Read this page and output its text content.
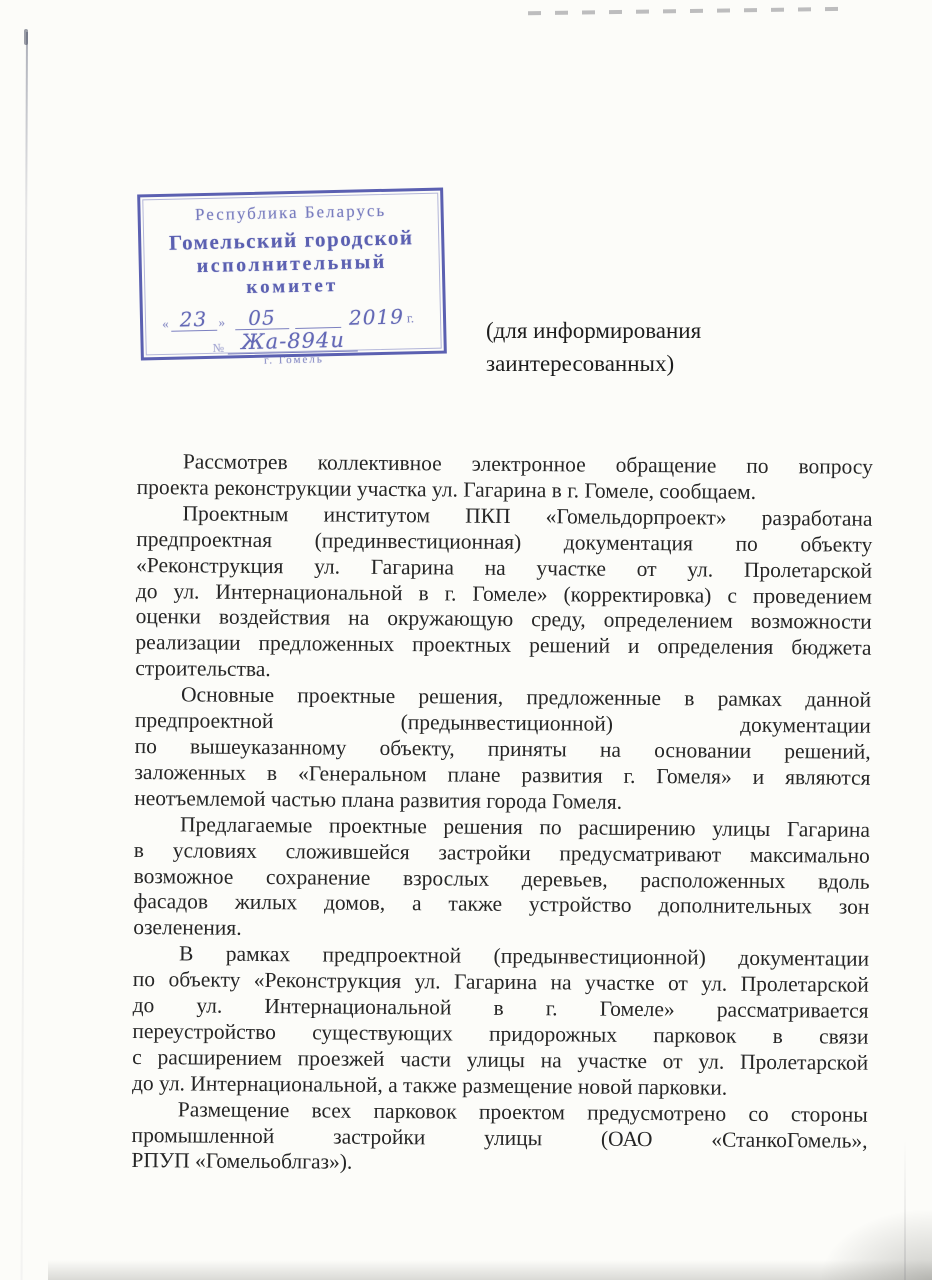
Республика Беларусь
Гомельский городской
исполнительный
комитет
« 23 »	05	2019 г.
№ Жа-894и
г. Гомель
(для информирования
заинтересованных)
Рассмотрев коллективное электронное обращение по вопросу
проекта реконструкции участка ул. Гагарина в г. Гомеле, сообщаем.
Проектным институтом ПКП «Гомельдорпроект» разработана
предпроектная (прединвестиционная) документация по объекту
«Реконструкция ул. Гагарина на участке от ул. Пролетарской
до ул. Интернациональной в г. Гомеле» (корректировка) с проведением
оценки воздействия на окружающую среду, определением возможности
реализации предложенных проектных решений и определения бюджета
строительства.
Основные проектные решения, предложенные в рамках данной
предпроектной (предынвестиционной) документации
по вышеуказанному объекту, приняты на основании решений,
заложенных в «Генеральном плане развития г. Гомеля» и являются
неотъемлемой частью плана развития города Гомеля.
Предлагаемые проектные решения по расширению улицы Гагарина
в условиях сложившейся застройки предусматривают максимально
возможное сохранение взрослых деревьев, расположенных вдоль
фасадов жилых домов, а также устройство дополнительных зон
озеленения.
В рамках предпроектной (предынвестиционной) документации
по объекту «Реконструкция ул. Гагарина на участке от ул. Пролетарской
до ул. Интернациональной в г. Гомеле» рассматривается
переустройство существующих придорожных парковок в связи
с расширением проезжей части улицы на участке от ул. Пролетарской
до ул. Интернациональной, а также размещение новой парковки.
Размещение всех парковок проектом предусмотрено со стороны
промышленной застройки улицы (ОАО «СтанкоГомель»,
РПУП «Гомельоблгаз»).
